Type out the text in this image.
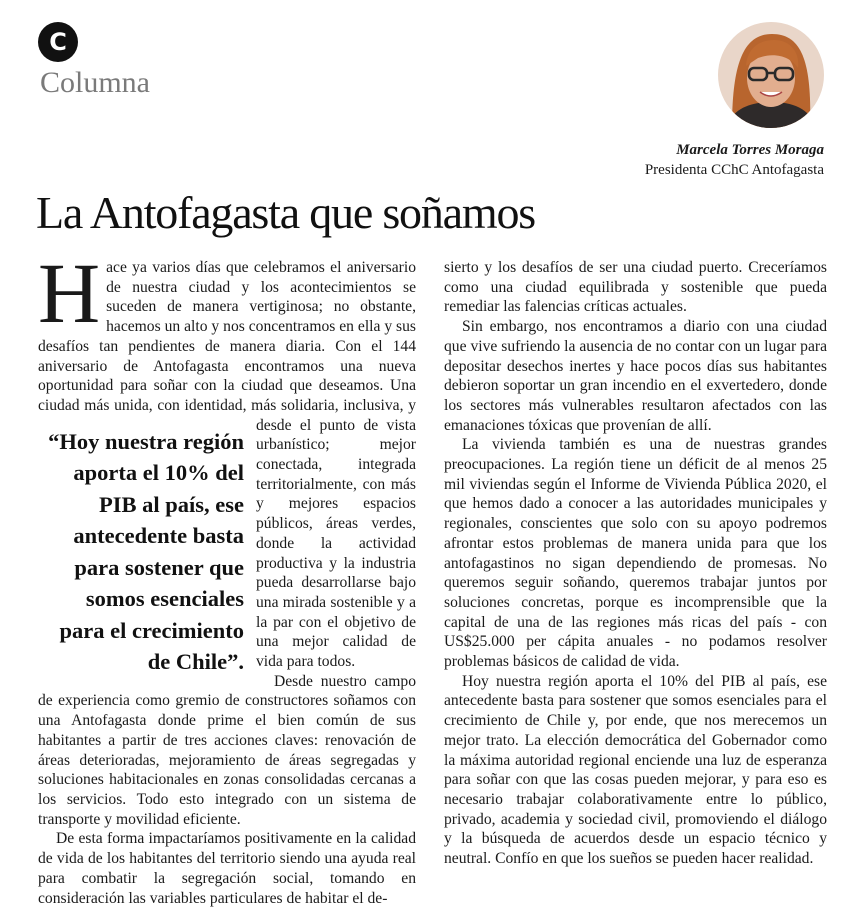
C
Columna
Marcela Torres Moraga
Presidenta CChC Antofagasta
La Antofagasta que soñamos

Hace ya varios días que celebramos el aniversario de nuestra ciudad y los acontecimientos se suceden de manera vertiginosa; no obstante, hacemos un alto y nos concentramos en ella y sus desafíos tan pendientes de manera diaria. Con el 144 aniversario de Antofagasta encontramos una nueva oportunidad para soñar con la ciudad que deseamos. Una ciudad más unida, con identidad, más solidaria, inclusiva, y desde el punto de vista
“Hoy nuestra región aporta el 10% del PIB al país, ese antecedente basta para sostener que somos esenciales para el crecimiento de Chile”.
urbanístico; mejor conectada, integrada territorialmente, con más y mejores espacios públicos, áreas verdes, donde la actividad productiva y la industria pueda desarrollarse bajo una mirada sostenible y a la par con el objetivo de una mejor calidad de vida para todos.

Desde nuestro campo de experiencia como gremio de constructores soñamos con una Antofagasta donde prime el bien común de sus habitantes a partir de tres acciones claves: renovación de áreas deterioradas, mejoramiento de áreas segregadas y soluciones habitacionales en zonas consolidadas cercanas a los servicios. Todo esto integrado con un sistema de transporte y movilidad eficiente.

De esta forma impactaríamos positivamente en la calidad de vida de los habitantes del territorio siendo una ayuda real para combatir la segregación social, tomando en consideración las variables particulares de habitar el de-

sierto y los desafíos de ser una ciudad puerto. Creceríamos como una ciudad equilibrada y sostenible que pueda remediar las falencias críticas actuales.

Sin embargo, nos encontramos a diario con una ciudad que vive sufriendo la ausencia de no contar con un lugar para depositar desechos inertes y hace pocos días sus habitantes debieron soportar un gran incendio en el exvertedero, donde los sectores más vulnerables resultaron afectados con las emanaciones tóxicas que provenían de allí.

La vivienda también es una de nuestras grandes preocupaciones. La región tiene un déficit de al menos 25 mil viviendas según el Informe de Vivienda Pública 2020, el que hemos dado a conocer a las autoridades municipales y regionales, conscientes que solo con su apoyo podremos afrontar estos problemas de manera unida para que los antofagastinos no sigan dependiendo de promesas. No queremos seguir soñando, queremos trabajar juntos por soluciones concretas, porque es incomprensible que la capital de una de las regiones más ricas del país - con US$25.000 per cápita anuales - no podamos resolver problemas básicos de calidad de vida.

Hoy nuestra región aporta el 10% del PIB al país, ese antecedente basta para sostener que somos esenciales para el crecimiento de Chile y, por ende, que nos merecemos un mejor trato. La elección democrática del Gobernador como la máxima autoridad regional enciende una luz de esperanza para soñar con que las cosas pueden mejorar, y para eso es necesario trabajar colaborativamente entre lo público, privado, academia y sociedad civil, promoviendo el diálogo y la búsqueda de acuerdos desde un espacio técnico y neutral. Confío en que los sueños se pueden hacer realidad.
